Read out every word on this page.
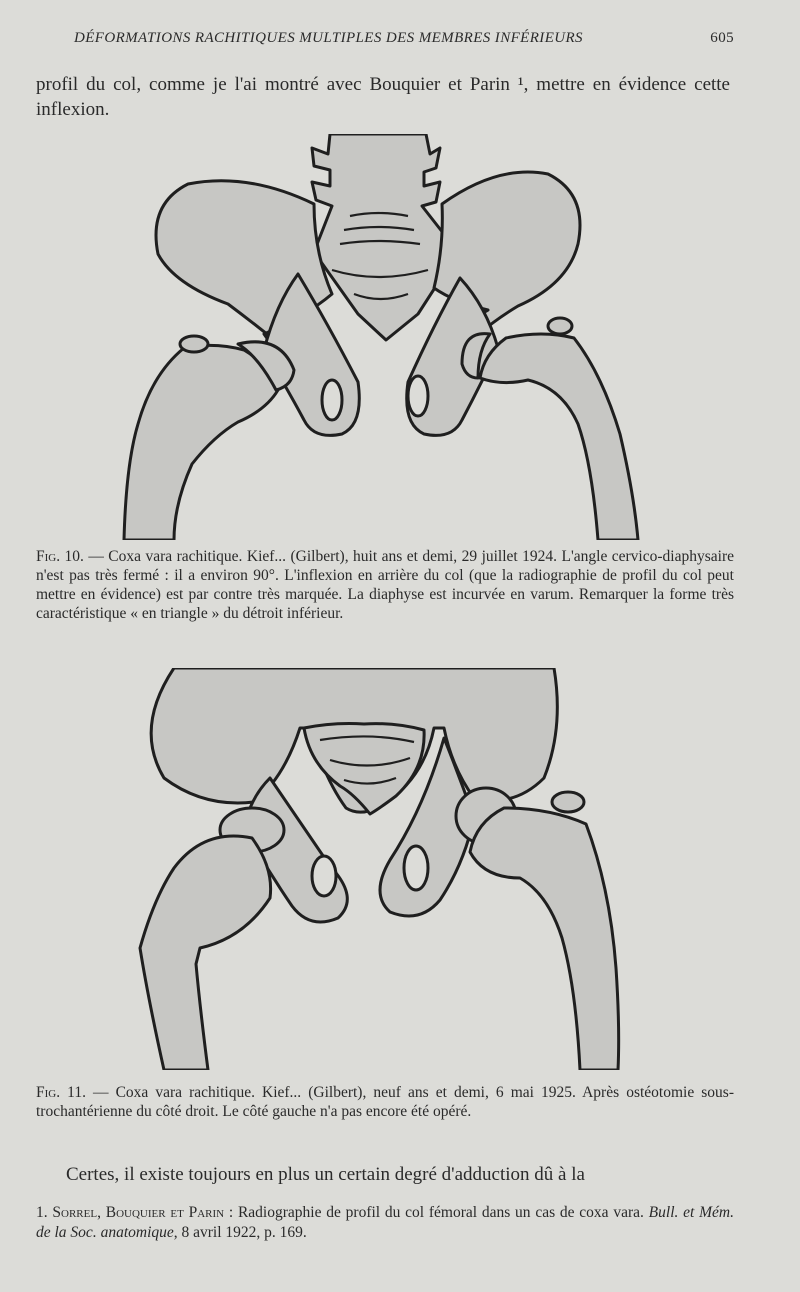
DÉFORMATIONS RACHITIQUES MULTIPLES DES MEMBRES INFÉRIEURS	605
profil du col, comme je l'ai montré avec Bouquier et Parin ¹, mettre en évidence cette inflexion.
Fig. 10. — Coxa vara rachitique. Kief... (Gilbert), huit ans et demi, 29 juillet 1924. L'angle cervico-diaphysaire n'est pas très fermé : il a environ 90°. L'inflexion en arrière du col (que la radiographie de profil du col peut mettre en évidence) est par contre très marquée. La diaphyse est incurvée en varum. Remarquer la forme très caractéristique « en triangle » du détroit inférieur.
Fig. 11. — Coxa vara rachitique. Kief... (Gilbert), neuf ans et demi, 6 mai 1925. Après ostéotomie sous-trochantérienne du côté droit. Le côté gauche n'a pas encore été opéré.
Certes, il existe toujours en plus un certain degré d'adduction dû à la
1. Sorrel, Bouquier et Parin : Radiographie de profil du col fémoral dans un cas de coxa vara. Bull. et Mém. de la Soc. anatomique, 8 avril 1922, p. 169.
